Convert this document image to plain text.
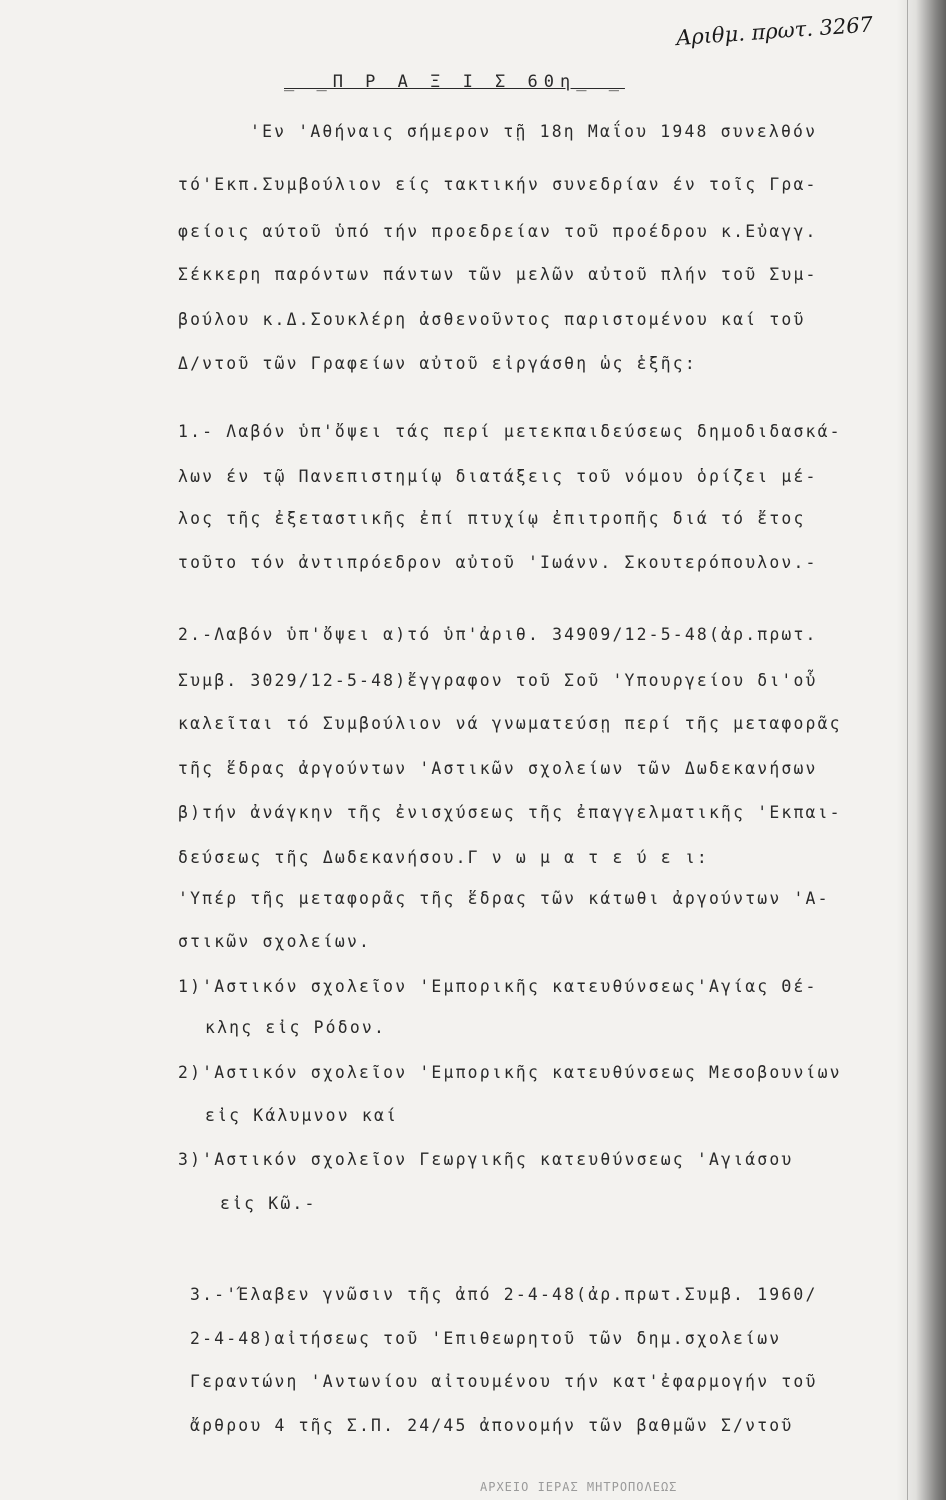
Αριθμ. πρωτ. 3267
_ _Π Ρ Α Ξ Ι Σ 60η_ _
'Εν 'Αθήναις σήμερον τῇ 18η Μαΐου 1948 συνελθόν
τό'Εκπ.Συμβούλιον είς τακτικήν συνεδρίαν έν τοῖς Γρα-
φείοις αύτοῦ ὑπό τήν προεδρείαν τοῦ προέδρου κ.Εὐαγγ.
Σέκκερη παρόντων πάντων τῶν μελῶν αὐτοῦ πλήν τοῦ Συμ-
βούλου κ.Δ.Σουκλέρη ἀσθενοῦντος παριστομένου καί τοῦ
Δ/ντοῦ τῶν Γραφείων αὐτοῦ εἰργάσθη ὡς ἑξῆς:
1.- Λαβόν ὑπ'ὄψει τάς περί μετεκπαιδεύσεως δημοδιδασκά-
λων έν τῷ Πανεπιστημίῳ διατάξεις τοῦ νόμου ὁρίζει μέ-
λος τῆς ἐξεταστικῆς ἐπί πτυχίῳ ἐπιτροπῆς διά τό ἔτος
τοῦτο τόν ἀντιπρόεδρον αὐτοῦ 'Ιωάνν. Σκουτερόπουλον.-
2.-Λαβόν ὑπ'ὄψει α)τό ὑπ'ἀριθ. 34909/12-5-48(ἀρ.πρωτ.
Συμβ. 3029/12-5-48)ἔγγραφον τοῦ Σοῦ 'Υπουργείου δι'οὗ
καλεῖται τό Συμβούλιον νά γνωματεύσῃ περί τῆς μεταφορᾶς
τῆς ἕδρας ἀργούντων 'Αστικῶν σχολείων τῶν Δωδεκανήσων
β)τήν ἀνάγκην τῆς ἐνισχύσεως τῆς ἐπαγγελματικῆς 'Εκπαι-
δεύσεως τῆς Δωδεκανήσου.Γ ν ω μ α τ ε ύ ε ι:
'Υπέρ τῆς μεταφορᾶς τῆς ἕδρας τῶν κάτωθι ἀργούντων 'Α-
στικῶν σχολείων.
1)'Αστικόν σχολεῖον 'Εμπορικῆς κατευθύνσεως'Αγίας Θέ-
κλης εἰς Ρόδον.
2)'Αστικόν σχολεῖον 'Εμπορικῆς κατευθύνσεως Μεσοβουνίων
εἰς Κάλυμνον καί
3)'Αστικόν σχολεῖον Γεωργικῆς κατευθύνσεως 'Αγιάσου
εἰς Κῶ.-
3.-'Έλαβεν γνῶσιν τῆς ἀπό 2-4-48(ἀρ.πρωτ.Συμβ. 1960/
2-4-48)αἰτήσεως τοῦ 'Επιθεωρητοῦ τῶν δημ.σχολείων
Γεραντώνη 'Αντωνίου αἰτουμένου τήν κατ'ἐφαρμογήν τοῦ
ἄρθρου 4 τῆς Σ.Π. 24/45 ἀπονομήν τῶν βαθμῶν Σ/ντοῦ
ΑΡΧΕΙΟ ΙΕΡΑΣ ΜΗΤΡΟΠΟΛΕΩΣ
